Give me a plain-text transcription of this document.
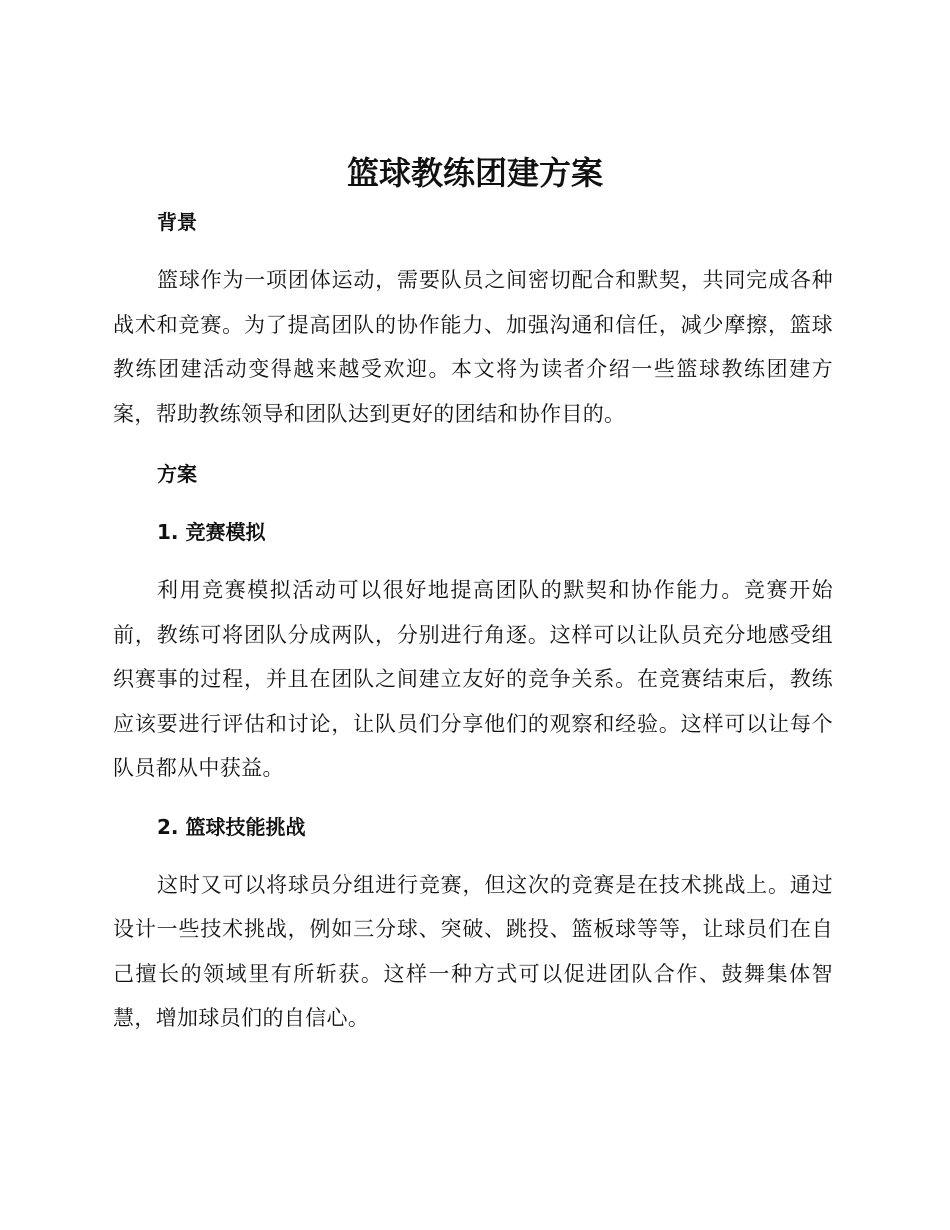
篮球教练团建方案
背景

篮球作为一项团体运动，需要队员之间密切配合和默契，共同完成各种战术和竞赛。为了提高团队的协作能力、加强沟通和信任，减少摩擦，篮球教练团建活动变得越来越受欢迎。本文将为读者介绍一些篮球教练团建方案，帮助教练领导和团队达到更好的团结和协作目的。

方案
1. 竞赛模拟

利用竞赛模拟活动可以很好地提高团队的默契和协作能力。竞赛开始前，教练可将团队分成两队，分别进行角逐。这样可以让队员充分地感受组织赛事的过程，并且在团队之间建立友好的竞争关系。在竞赛结束后，教练应该要进行评估和讨论，让队员们分享他们的观察和经验。这样可以让每个队员都从中获益。

2. 篮球技能挑战

这时又可以将球员分组进行竞赛，但这次的竞赛是在技术挑战上。通过设计一些技术挑战，例如三分球、突破、跳投、篮板球等等，让球员们在自己擅长的领域里有所斩获。这样一种方式可以促进团队合作、鼓舞集体智慧，增加球员们的自信心。
